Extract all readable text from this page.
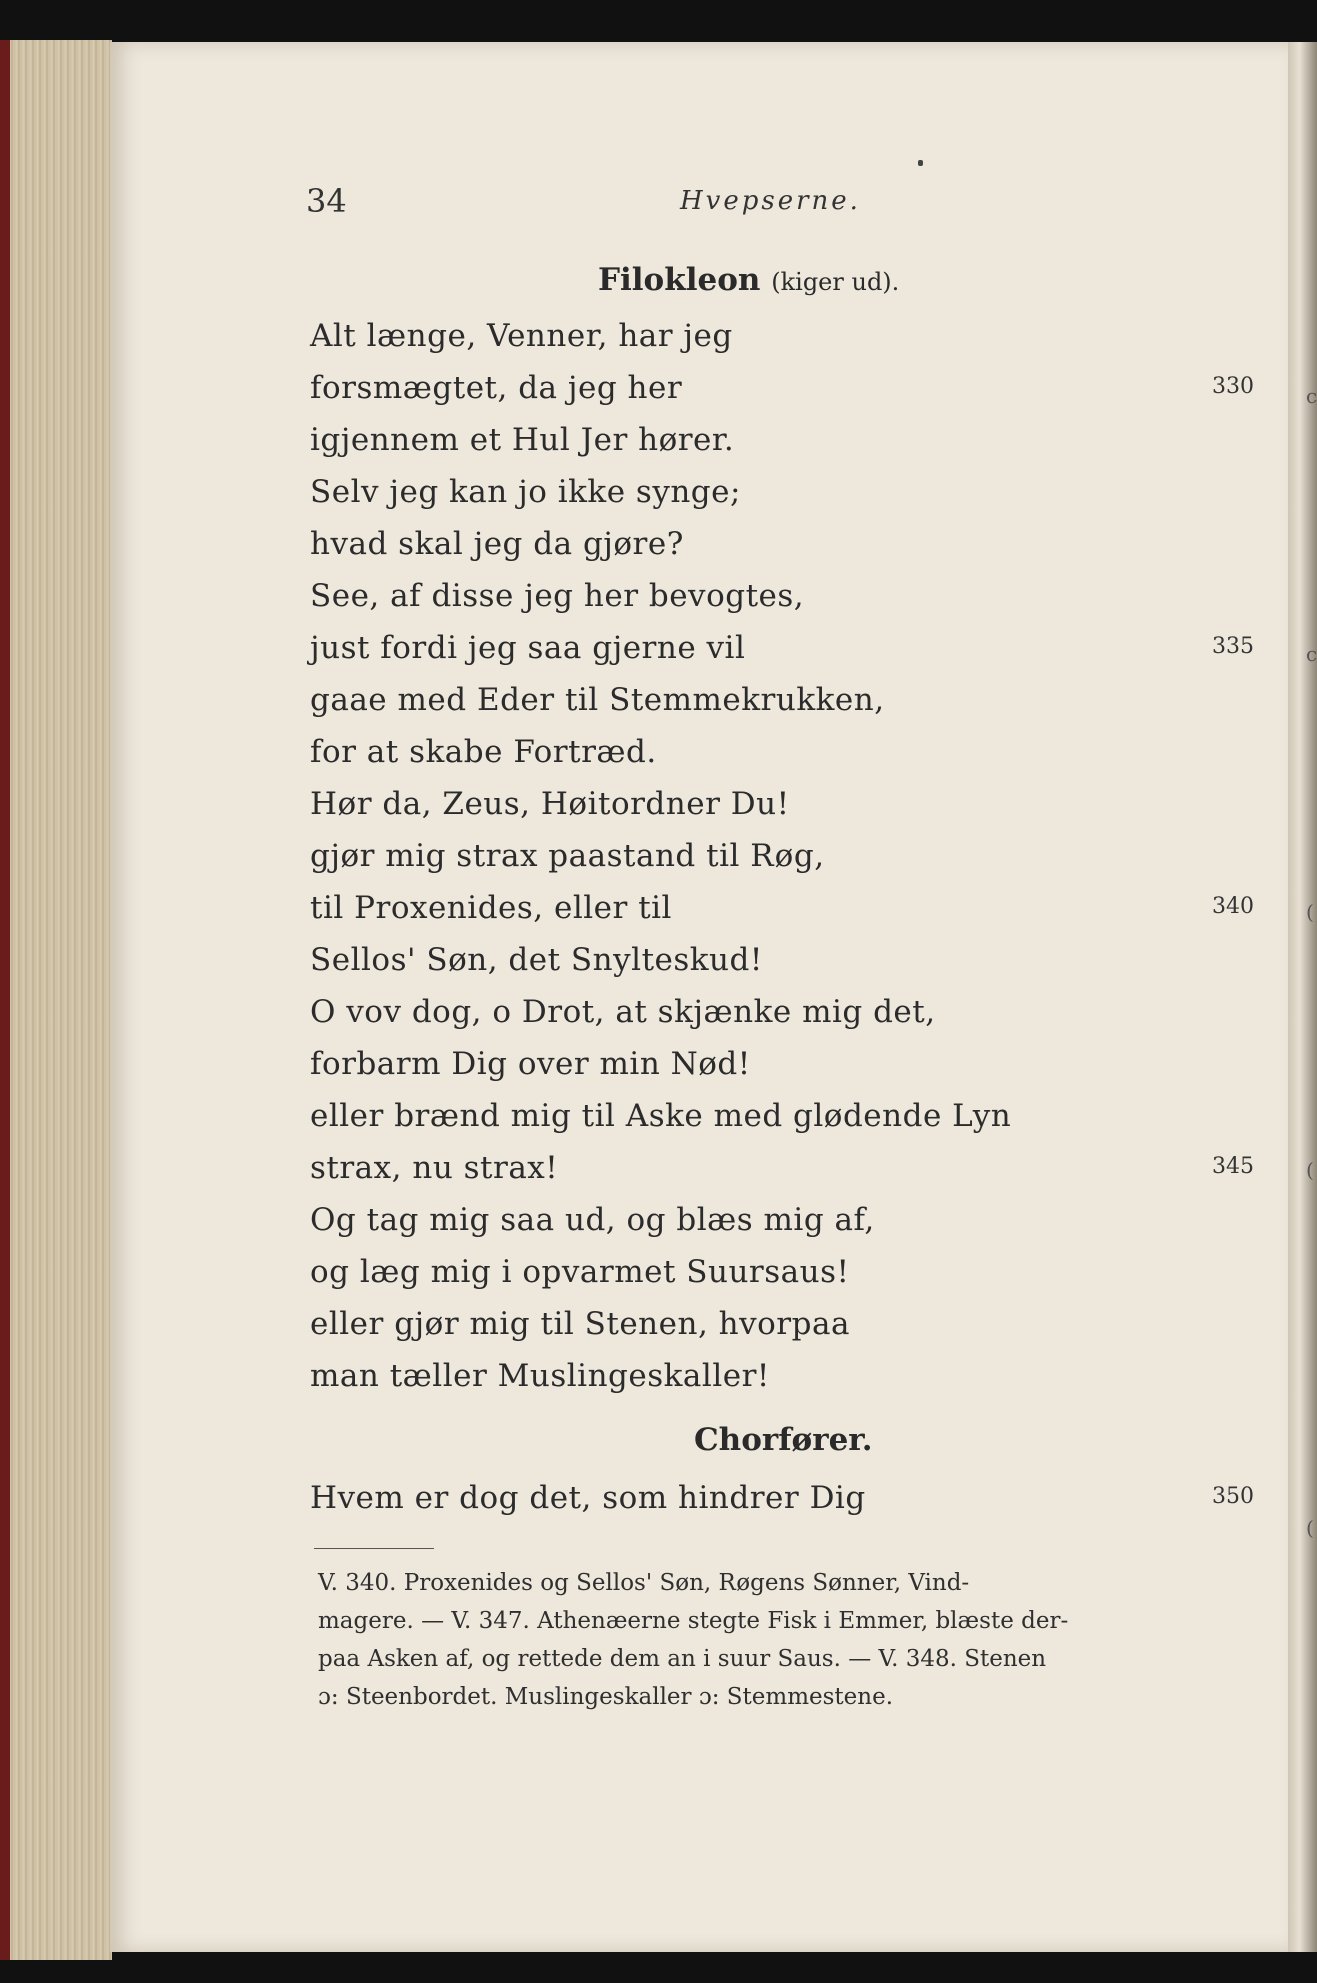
c
c
(
(
(
34	Hvepserne.
Filokleon (kiger ud).
Alt længe, Venner, har jeg
forsmægtet, da jeg her
igjennem et Hul Jer hører.
Selv jeg kan jo ikke synge;
hvad skal jeg da gjøre?
See, af disse jeg her bevogtes,
just fordi jeg saa gjerne vil
gaae med Eder til Stemmekrukken,
for at skabe Fortræd.
Hør da, Zeus, Høitordner Du!
gjør mig strax paastand til Røg,
til Proxenides, eller til
Sellos' Søn, det Snylteskud!
O vov dog, o Drot, at skjænke mig det,
forbarm Dig over min Nød!
eller brænd mig til Aske med glødende Lyn
strax, nu strax!
Og tag mig saa ud, og blæs mig af,
og læg mig i opvarmet Suursaus!
eller gjør mig til Stenen, hvorpaa
man tæller Muslingeskaller!
Chorfører.
Hvem er dog det, som hindrer Dig
330
335
340
345
350
V. 340. Proxenides og Sellos' Søn, Røgens Sønner, Vind-
magere. — V. 347. Athenæerne stegte Fisk i Emmer, blæste der-
paa Asken af, og rettede dem an i suur Saus. — V. 348. Stenen
ɔ: Steenbordet. Muslingeskaller ɔ: Stemmestene.
